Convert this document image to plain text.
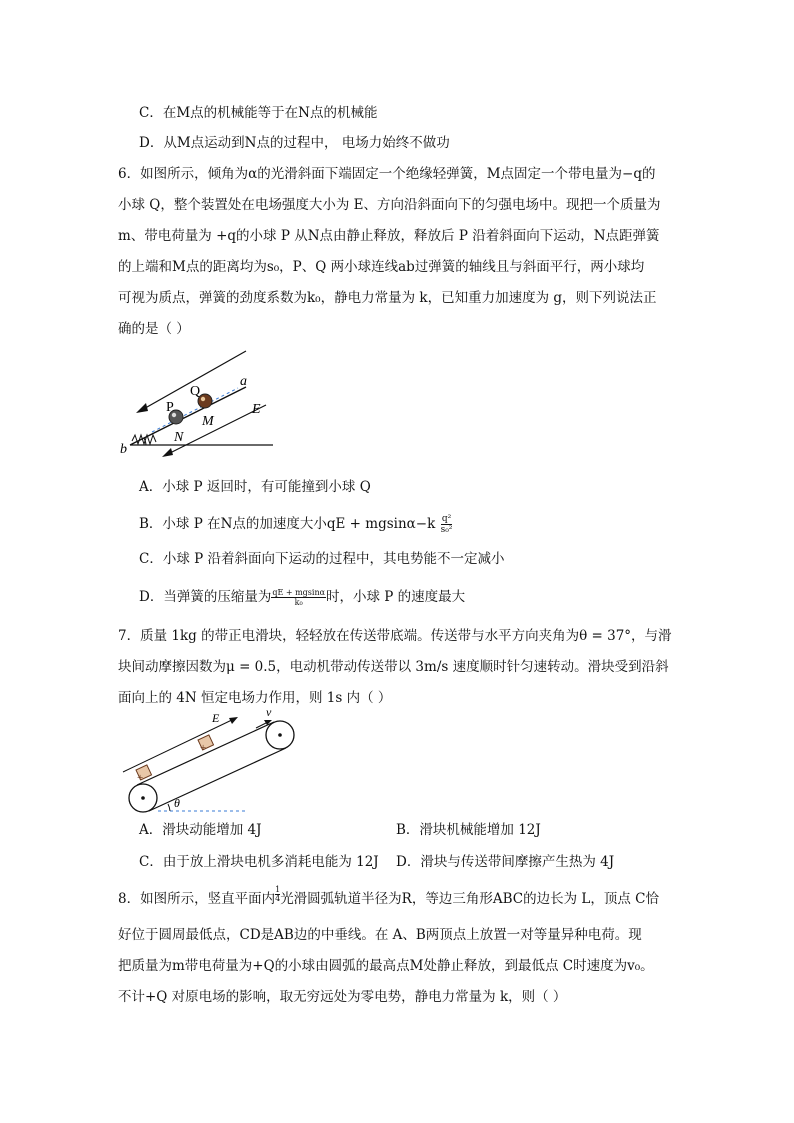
C．在M点的机械能等于在N点的机械能
D．从M点运动到N点的过程中， 电场力始终不做功
6．如图所示，倾角为α的光滑斜面下端固定一个绝缘轻弹簧，M点固定一个带电量为−q的
小球 Q，整个装置处在电场强度大小为 E、方向沿斜面向下的匀强电场中。现把一个质量为
m、带电荷量为 +q的小球 P 从N点由静止释放，释放后 P 沿着斜面向下运动，N点距弹簧
的上端和M点的距离均为s₀，P、Q 两小球连线ab过弹簧的轴线且与斜面平行，两小球均
可视为质点，弹簧的劲度系数为k₀，静电力常量为 k，已知重力加速度为 g，则下列说法正
确的是（ ）
b
a
E
P
Q
M
N
A．小球 P 返回时，有可能撞到小球 Q
B．小球 P 在N点的加速度大小qE + $mgsin\alpha-k \frac{\text{q²}}{\text{s₀²}}$
C．小球 P 沿着斜面向下运动的过程中，其电势能不一定减小
D．当弹簧的压缩量为 $\frac{qE + mgsin\alpha}{\text{k₀}}$ 时，小球 P 的速度最大
7．质量 1kg 的带正电滑块，轻轻放在传送带底端。传送带与水平方向夹角为θ = 37°，与滑
块间动摩擦因数为μ = 0.5，电动机带动传送带以 3m/s 速度顺时针匀速转动。滑块受到沿斜
面向上的 4N 恒定电场力作用，则 1s 内（ ）
+
+
E	v
θ
A．滑块动能增加 4J	B．滑块机械能增加 12J
C．由于放上滑块电机多消耗电能为 12J D．滑块与传送带间摩擦产生热为 4J
8．如图所示，竖直平面内 $\frac{1}{4}$ 光滑圆弧轨道半径为R，等边三角形ABC的边长为 L，顶点 C恰
好位于圆周最低点，CD是AB边的中垂线。在 A、B两顶点上放置一对等量异种电荷。现
把质量为m带电荷量为+Q的小球由圆弧的最高点M处静止释放，到最低点 C时速度为v₀。
不计+Q 对原电场的影响，取无穷远处为零电势，静电力常量为 k，则（ ）
